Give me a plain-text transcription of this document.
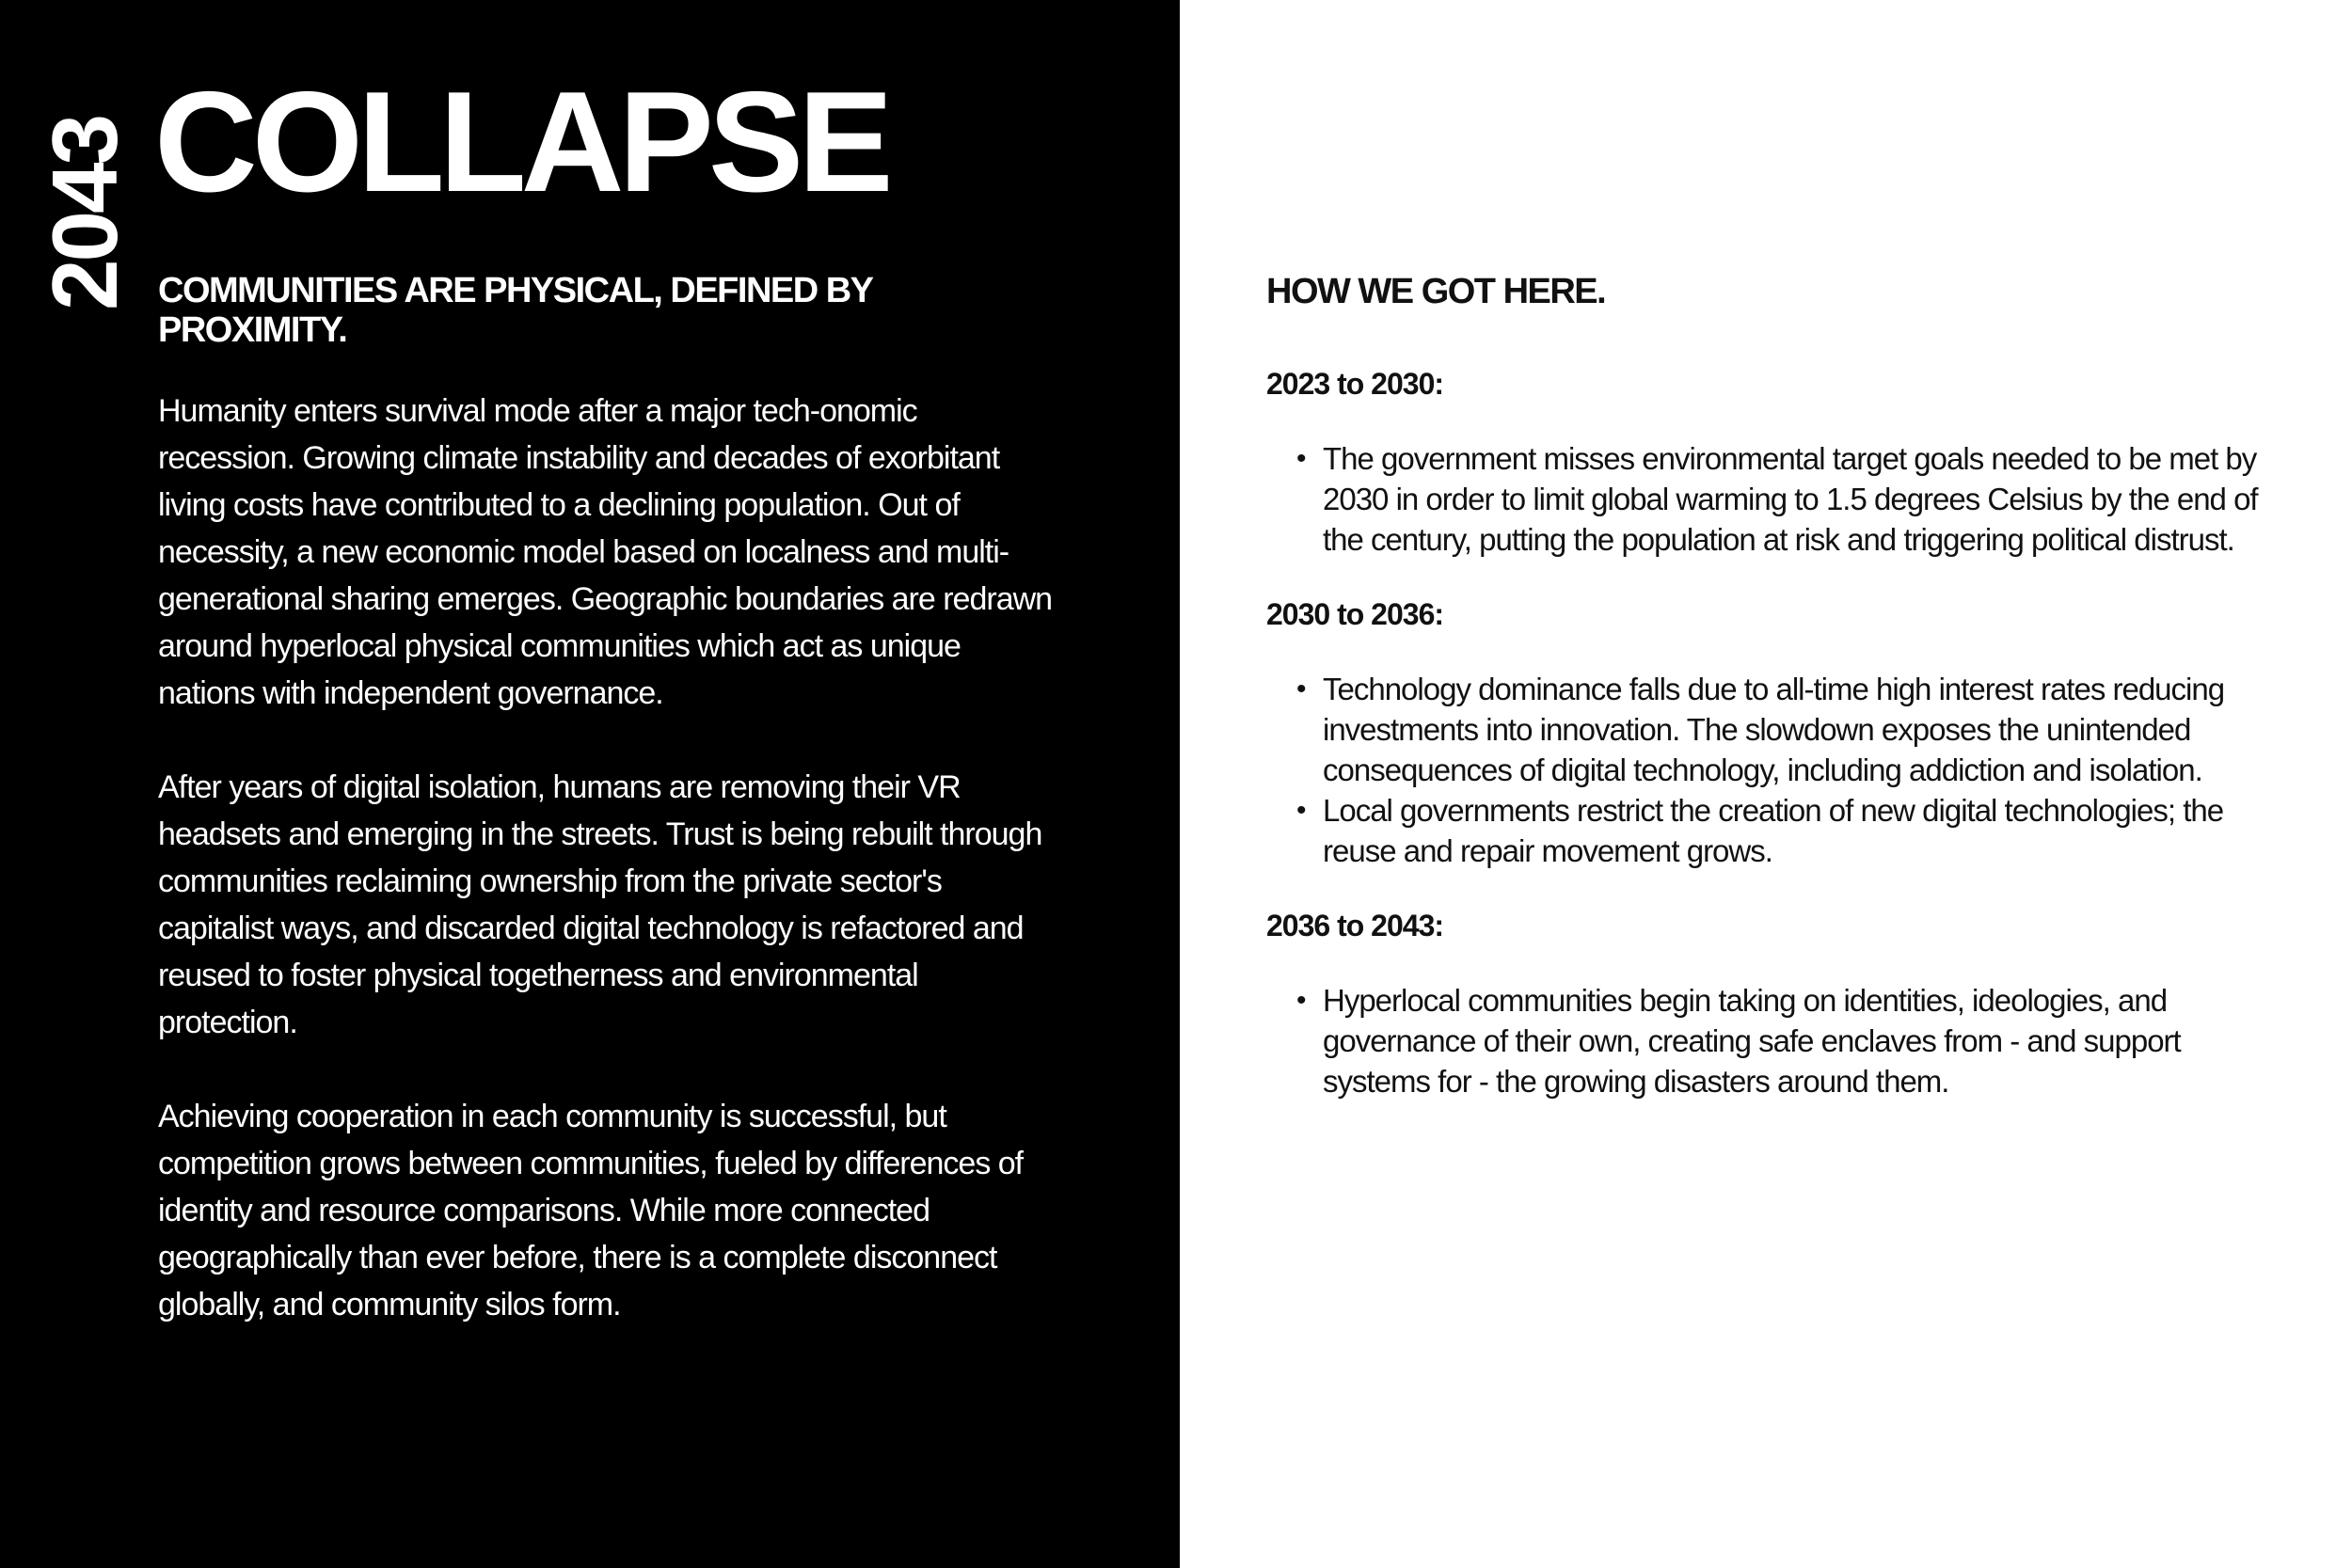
2043 COLLAPSE
COMMUNITIES ARE PHYSICAL, DEFINED BY PROXIMITY.

Humanity enters survival mode after a major tech-onomic recession. Growing climate instability and decades of exorbitant living costs have contributed to a declining population. Out of necessity, a new economic model based on localness and multi-generational sharing emerges. Geographic boundaries are redrawn around hyperlocal physical communities which act as unique nations with independent governance.

After years of digital isolation, humans are removing their VR headsets and emerging in the streets. Trust is being rebuilt through communities reclaiming ownership from the private sector's capitalist ways, and discarded digital technology is refactored and reused to foster physical togetherness and environmental protection.

Achieving cooperation in each community is successful, but competition grows between communities, fueled by differences of identity and resource comparisons. While more connected geographically than ever before, there is a complete disconnect globally, and community silos form.

HOW WE GOT HERE.
2023 to 2030:
• The government misses environmental target goals needed to be met by 2030 in order to limit global warming to 1.5 degrees Celsius by the end of the century, putting the population at risk and triggering political distrust.
2030 to 2036:
• Technology dominance falls due to all-time high interest rates reducing investments into innovation. The slowdown exposes the unintended consequences of digital technology, including addiction and isolation.
• Local governments restrict the creation of new digital technologies; the reuse and repair movement grows.
2036 to 2043:
• Hyperlocal communities begin taking on identities, ideologies, and governance of their own, creating safe enclaves from - and support systems for - the growing disasters around them.
